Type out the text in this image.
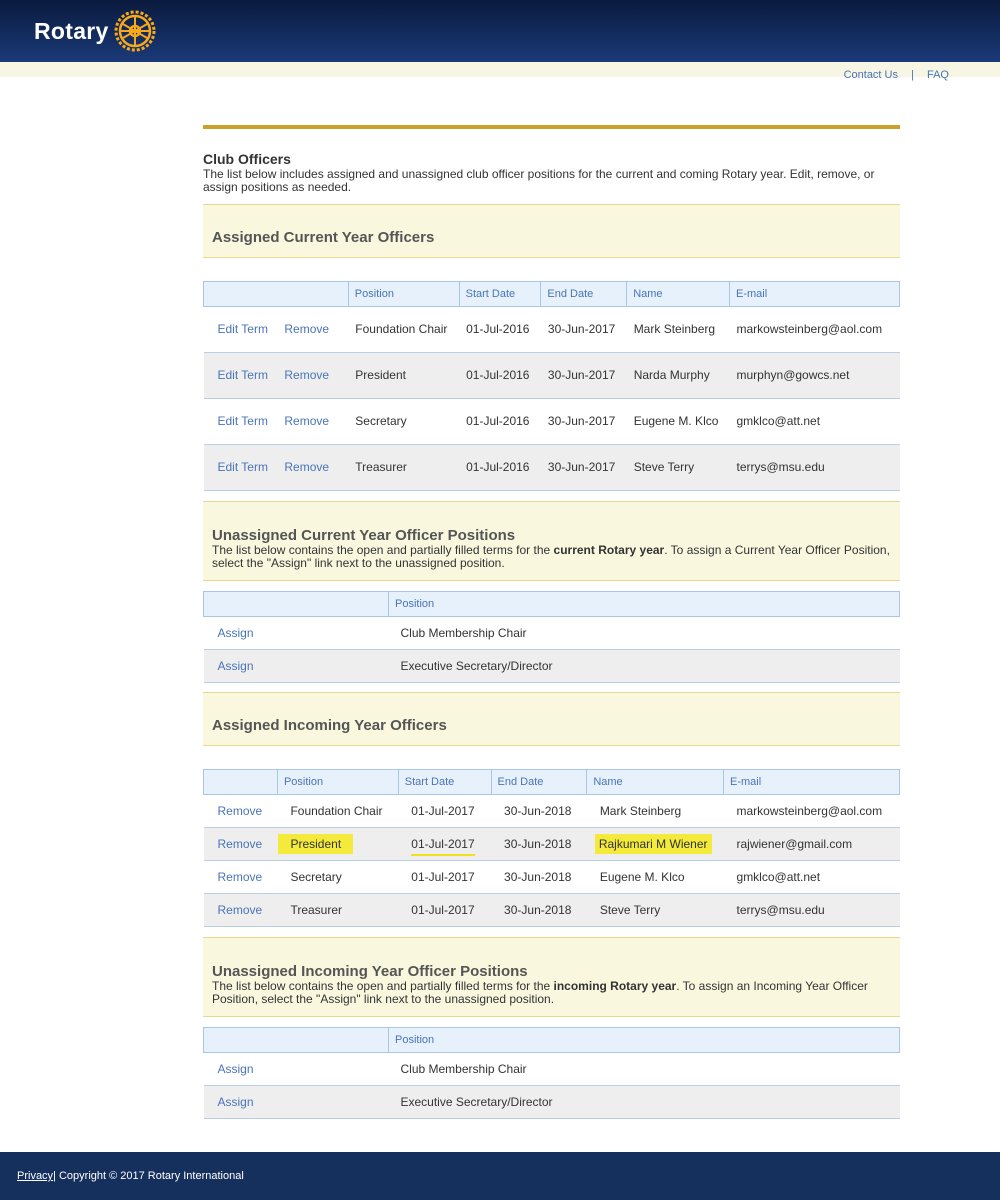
Rotary
Contact Us | FAQ
Club Officers
The list below includes assigned and unassigned club officer positions for the current and coming Rotary year. Edit, remove, or assign positions as needed.
Assigned Current Year Officers
		Position	Start Date	End Date	Name	E-mail
Edit Term	Remove	Foundation Chair	01-Jul-2016	30-Jun-2017	Mark Steinberg	markowsteinberg@aol.com
Edit Term	Remove	President	01-Jul-2016	30-Jun-2017	Narda Murphy	murphyn@gowcs.net
Edit Term	Remove	Secretary	01-Jul-2016	30-Jun-2017	Eugene M. Klco	gmklco@att.net
Edit Term	Remove	Treasurer	01-Jul-2016	30-Jun-2017	Steve Terry	terrys@msu.edu
Unassigned Current Year Officer Positions

The list below contains the open and partially filled terms for the current Rotary year. To assign a Current Year Officer Position, select the "Assign" link next to the unassigned position.

	Position
Assign	Club Membership Chair
Assign	Executive Secretary/Director
Assigned Incoming Year Officers
	Position	Start Date	End Date	Name	E-mail
Remove	Foundation Chair	01-Jul-2017	30-Jun-2018	Mark Steinberg	markowsteinberg@aol.com
Remove	President	01-Jul-2017	30-Jun-2018	Rajkumari M Wiener	rajwiener@gmail.com
Remove	Secretary	01-Jul-2017	30-Jun-2018	Eugene M. Klco	gmklco@att.net
Remove	Treasurer	01-Jul-2017	30-Jun-2018	Steve Terry	terrys@msu.edu
Unassigned Incoming Year Officer Positions

The list below contains the open and partially filled terms for the incoming Rotary year. To assign an Incoming Year Officer Position, select the "Assign" link next to the unassigned position.

	Position
Assign	Club Membership Chair
Assign	Executive Secretary/Director
Privacy | Copyright © 2017 Rotary International
